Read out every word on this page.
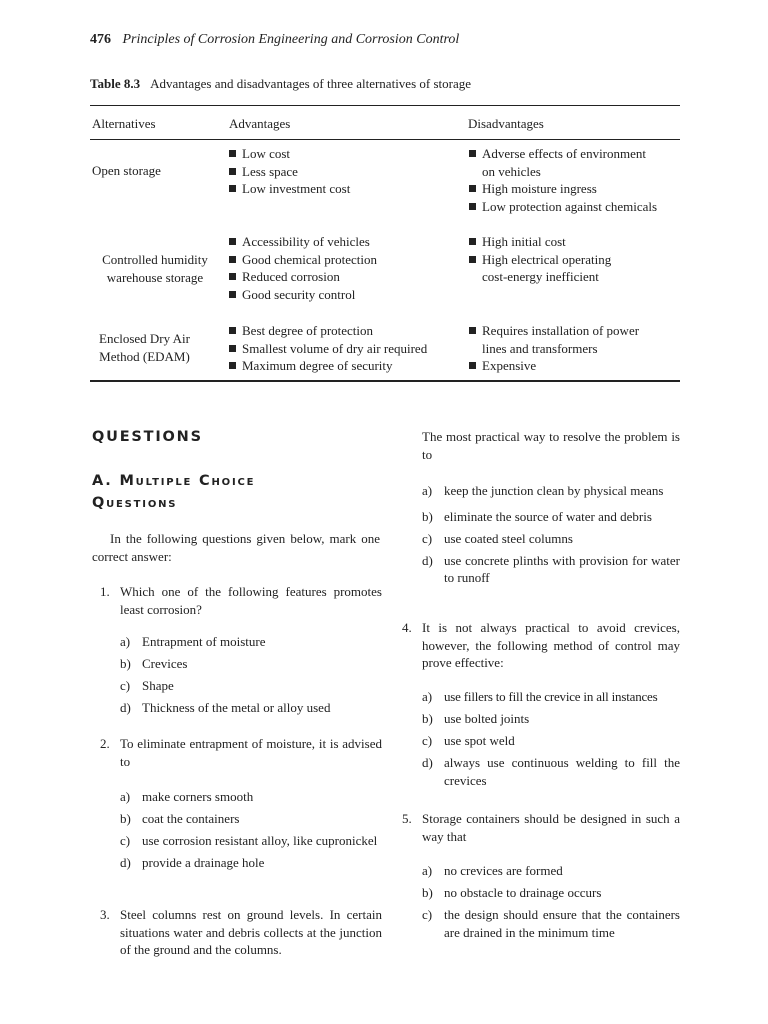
476 Principles of Corrosion Engineering and Corrosion Control
Table 8.3 Advantages and disadvantages of three alternatives of storage
Alternatives	Advantages	Disadvantages
Open storage
Low cost
Less space
Low investment cost
Adverse effects of environment
on vehicles
High moisture ingress
Low protection against chemicals
Controlled humidity
warehouse storage
Accessibility of vehicles
Good chemical protection
Reduced corrosion
Good security control
High initial cost
High electrical operating
cost-energy inefficient
Enclosed Dry Air
Method (EDAM)
Best degree of protection
Smallest volume of dry air required
Maximum degree of security
Requires installation of power
lines and transformers
Expensive
QUESTIONS
A. Multiple Choice
Questions
In the following questions given below, mark one correct answer:
1. Which one of the following features promotes least corrosion?
a) Entrapment of moisture
b) Crevices
c) Shape
d) Thickness of the metal or alloy used
2. To eliminate entrapment of moisture, it is advised to
a) make corners smooth
b) coat the containers
c) use corrosion resistant alloy, like cupronickel
d) provide a drainage hole
3. Steel columns rest on ground levels. In certain situations water and debris collects at the junction of the ground and the columns.
The most practical way to resolve the problem is to
a) keep the junction clean by physical means
b) eliminate the source of water and debris
c) use coated steel columns
d) use concrete plinths with provision for water to runoff
4. It is not always practical to avoid crevices, however, the following method of control may prove effective:
a) use fillers to fill the crevice in all instances
b) use bolted joints
c) use spot weld
d) always use continuous welding to fill the crevices
5. Storage containers should be designed in such a way that
a) no crevices are formed
b) no obstacle to drainage occurs
c) the design should ensure that the containers are drained in the minimum time
